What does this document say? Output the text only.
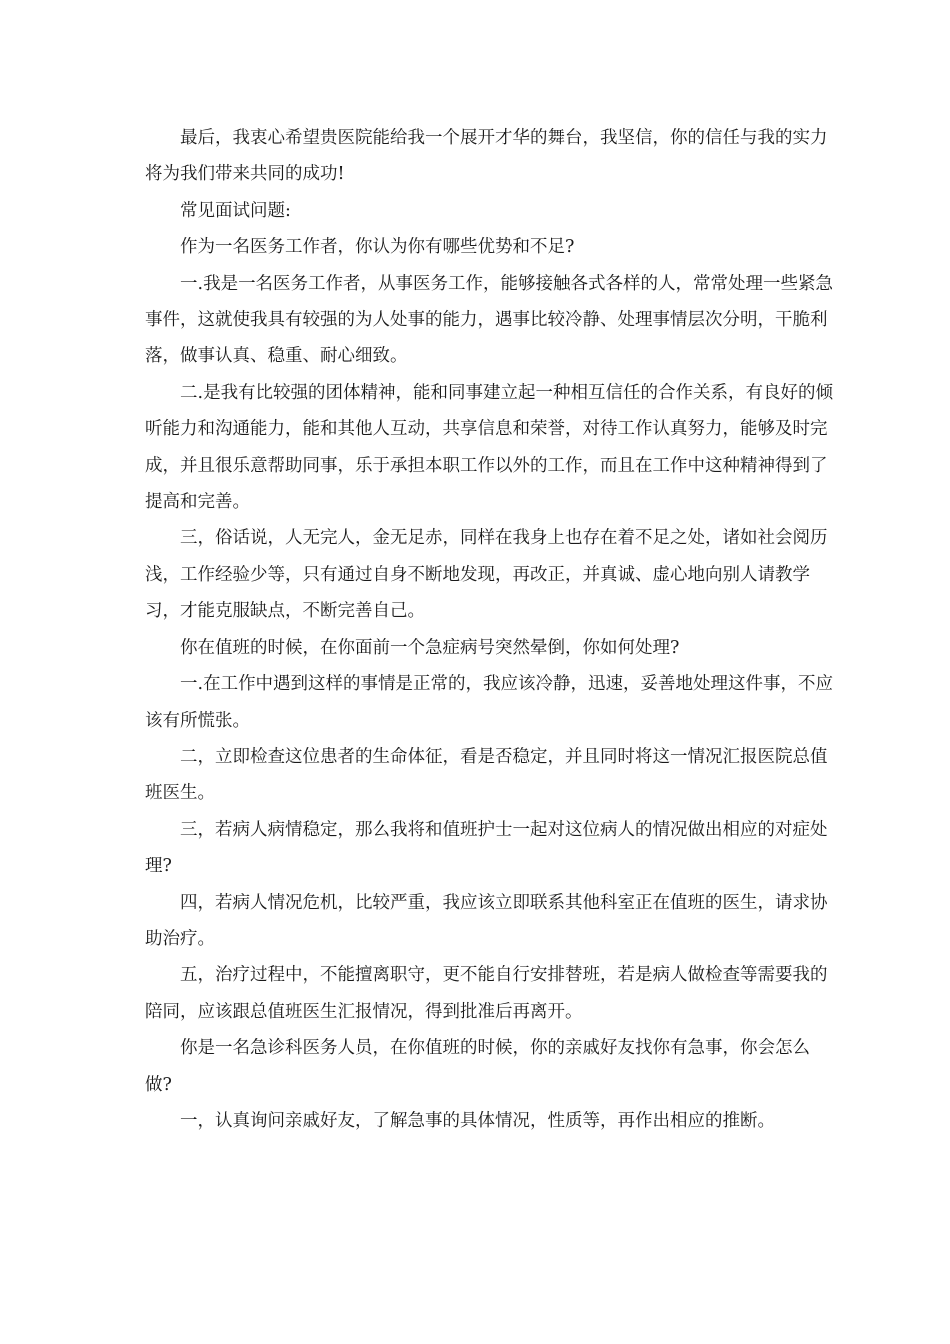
最后，我衷心希望贵医院能给我一个展开才华的舞台，我坚信，你的信任与我的实力将为我们带来共同的成功!

常见面试问题:

作为一名医务工作者，你认为你有哪些优势和不足?

一.我是一名医务工作者，从事医务工作，能够接触各式各样的人，常常处理一些紧急事件，这就使我具有较强的为人处事的能力，遇事比较冷静、处理事情层次分明，干脆利落，做事认真、稳重、耐心细致。

二.是我有比较强的团体精神，能和同事建立起一种相互信任的合作关系，有良好的倾听能力和沟通能力，能和其他人互动，共享信息和荣誉，对待工作认真努力，能够及时完成，并且很乐意帮助同事，乐于承担本职工作以外的工作，而且在工作中这种精神得到了提高和完善。

三，俗话说，人无完人，金无足赤，同样在我身上也存在着不足之处，诸如社会阅历浅，工作经验少等，只有通过自身不断地发现，再改正，并真诚、虚心地向别人请教学习，才能克服缺点，不断完善自己。

你在值班的时候，在你面前一个急症病号突然晕倒，你如何处理?

一.在工作中遇到这样的事情是正常的，我应该冷静，迅速，妥善地处理这件事，不应该有所慌张。

二，立即检查这位患者的生命体征，看是否稳定，并且同时将这一情况汇报医院总值班医生。

三，若病人病情稳定，那么我将和值班护士一起对这位病人的情况做出相应的对症处理?

四，若病人情况危机，比较严重，我应该立即联系其他科室正在值班的医生，请求协助治疗。

五，治疗过程中，不能擅离职守，更不能自行安排替班，若是病人做检查等需要我的陪同，应该跟总值班医生汇报情况，得到批准后再离开。

你是一名急诊科医务人员，在你值班的时候，你的亲戚好友找你有急事，你会怎么做?

一，认真询问亲戚好友，了解急事的具体情况，性质等，再作出相应的推断。
